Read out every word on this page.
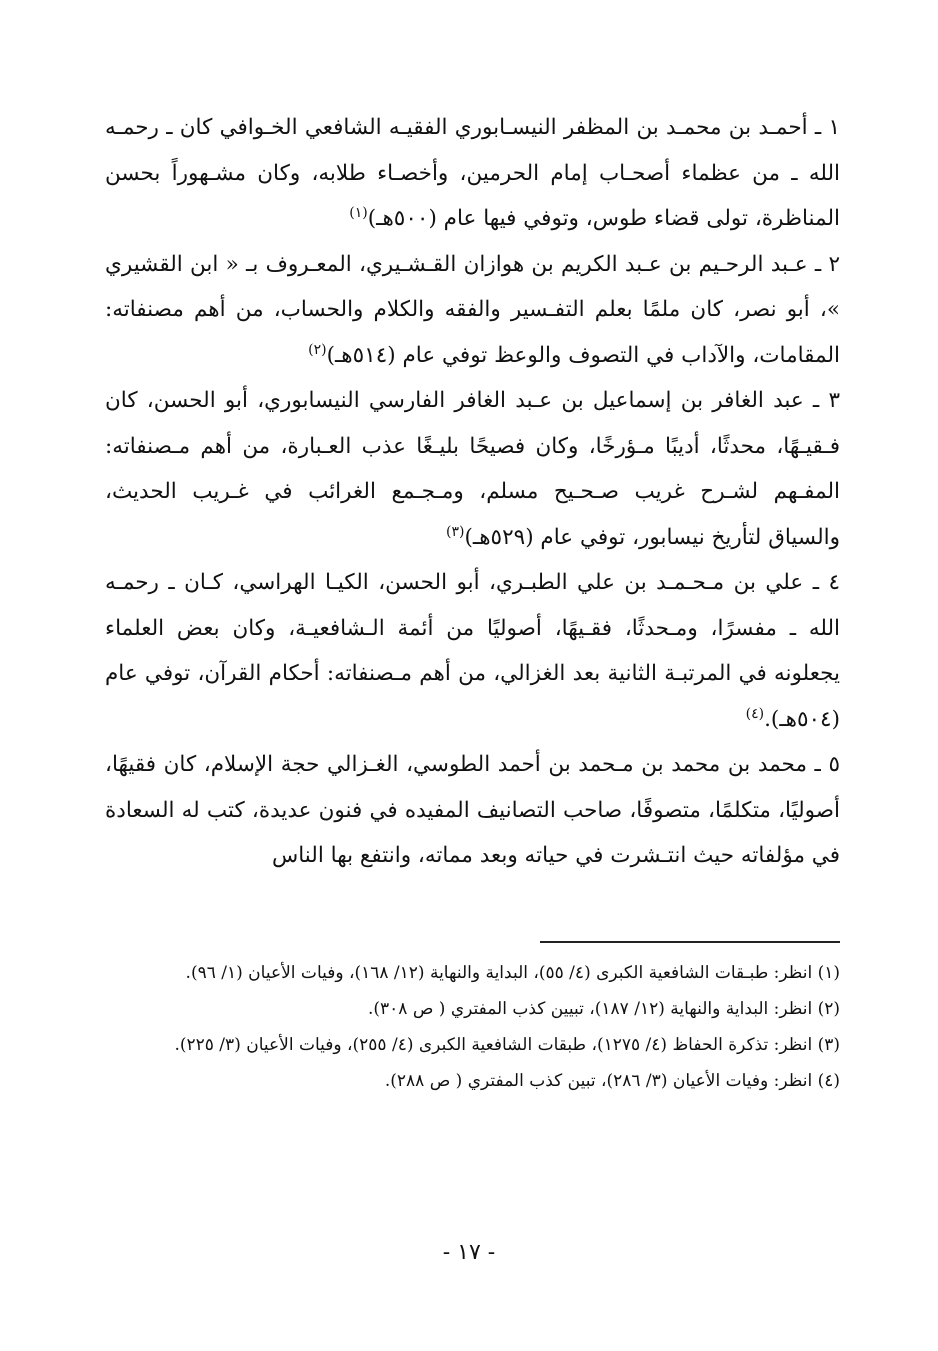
١ ـ أحمـد بن محمـد بن المظفر النيسـابوري الفقيـه الشافعي الخـوافي كان ـ رحمـه الله ـ من عظماء أصحـاب إمام الحرمين، وأخصـاء طلابه، وكان مشـهوراً بحسن المناظرة، تولى قضاء طوس، وتوفي فيها عام (٥٠٠هـ)$^{(١)}$

٢ ـ عـبد الرحـيم بن عـبد الكريم بن هوازان القـشـيري، المعـروف بـ « ابن القشيري »، أبو نصر، كان ملمًا بعلم التفـسير والفقه والكلام والحساب، من أهم مصنفاته: المقامات، والآداب في التصوف والوعظ توفي عام (٥١٤هـ)$^{(٢)}$

٣ ـ عبد الغافر بن إسماعيل بن عـبد الغافر الفارسي النيسابوري، أبو الحسن، كان فـقيـهًا، محدثًا، أديبًا مـؤرخًا، وكان فصيحًا بليـغًا عذب العـبارة، من أهم مـصنفاته: المفـهم لشـرح غريب صـحـيح مسلم، ومـجـمع الغرائب في غـريب الحديث، والسياق لتأريخ نيسابور، توفي عام (٥٢٩هـ)$^{(٣)}$

٤ ـ علي بن مـحـمـد بن علي الطبـري، أبو الحسن، الكيـا الهراسي، كـان ـ رحمـه الله ـ مفسرًا، ومـحدثًا، فقـيهًا، أصوليًا من أئمة الـشافعيـة، وكان بعض العلماء يجعلونه في المرتبـة الثانية بعد الغزالي، من أهم مـصنفاته: أحكام القرآن، توفي عام (٥٠٤هـ).$^{(٤)}$

٥ ـ محمد بن محمد بن مـحمد بن أحمد الطوسي، الغـزالي حجة الإسلام، كان فقيهًا، أصوليًا، متكلمًا، متصوفًا، صاحب التصانيف المفيده في فنون عديدة، كتب له السعادة في مؤلفاته حيث انتـشرت في حياته وبعد مماته، وانتفع بها الناس

(١) انظر: طبـقات الشافعية الكبرى (٤/ ٥٥)، البداية والنهاية (١٢/ ١٦٨)، وفيات الأعيان (١/ ٩٦).

(٢) انظر: البداية والنهاية (١٢/ ١٨٧)، تبيين كذب المفتري ( ص ٣٠٨).

(٣) انظر: تذكرة الحفاظ (٤/ ١٢٧٥)، طبقات الشافعية الكبرى (٤/ ٢٥٥)، وفيات الأعيان (٣/ ٢٢٥).

(٤) انظر: وفيات الأعيان (٣/ ٢٨٦)، تبين كذب المفتري ( ص ٢٨٨).

- ١٧ -
